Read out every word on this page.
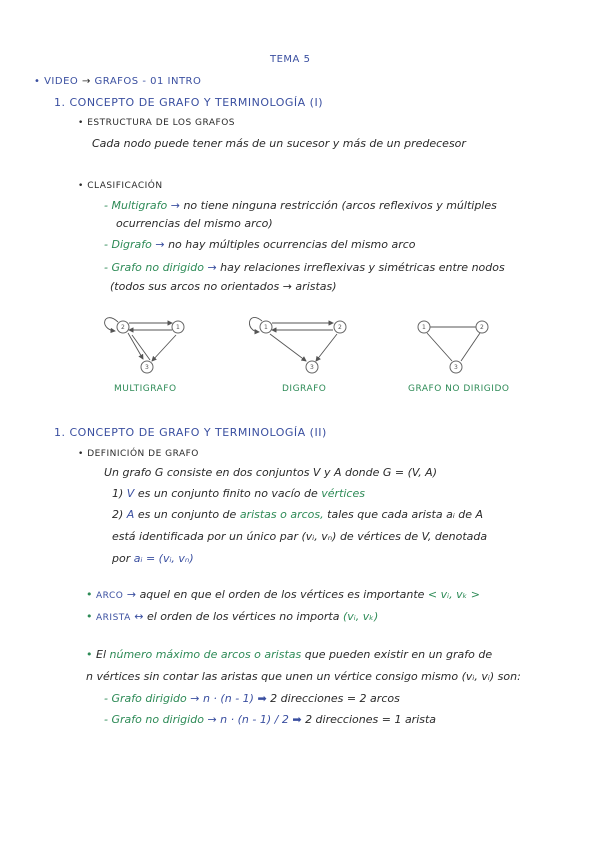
TEMA 5
• VIDEO → GRAFOS - 01 INTRO
1. CONCEPTO DE GRAFO Y TERMINOLOGÍA (I)
• ESTRUCTURA DE LOS GRAFOS
Cada nodo puede tener más de un sucesor y más de un predecesor
• CLASIFICACIÓN
- Multigrafo → no tiene ninguna restricción (arcos reflexivos y múltiples
ocurrencias del mismo arco)
- Digrafo → no hay múltiples ocurrencias del mismo arco
- Grafo no dirigido → hay relaciones irreflexivas y simétricas entre nodos
(todos sus arcos no orientados → aristas)
2	1
3
1	2
3
1	2
3
MULTIGRAFO	DIGRAFO	GRAFO NO DIRIGIDO
1. CONCEPTO DE GRAFO Y TERMINOLOGÍA (II)
• DEFINICIÓN DE GRAFO
Un grafo G consiste en dos conjuntos V y A donde G = (V, A)
1) V es un conjunto finito no vacío de vértices
2) A es un conjunto de aristas o arcos, tales que cada arista aᵢ de A
está identificada por un único par (vᵢ, vₙ) de vértices de V, denotada
por aᵢ = (vᵢ, vₙ)
• ARCO → aquel en que el orden de los vértices es importante < vᵢ, vₖ >
• ARISTA ↔ el orden de los vértices no importa (vᵢ, vₖ)
• El número máximo de arcos o aristas que pueden existir en un grafo de
n vértices sin contar las aristas que unen un vértice consigo mismo (vᵢ, vᵢ) son:
- Grafo dirigido → n · (n - 1) ➡ 2 direcciones = 2 arcos
- Grafo no dirigido → n · (n - 1) / 2 ➡ 2 direcciones = 1 arista
